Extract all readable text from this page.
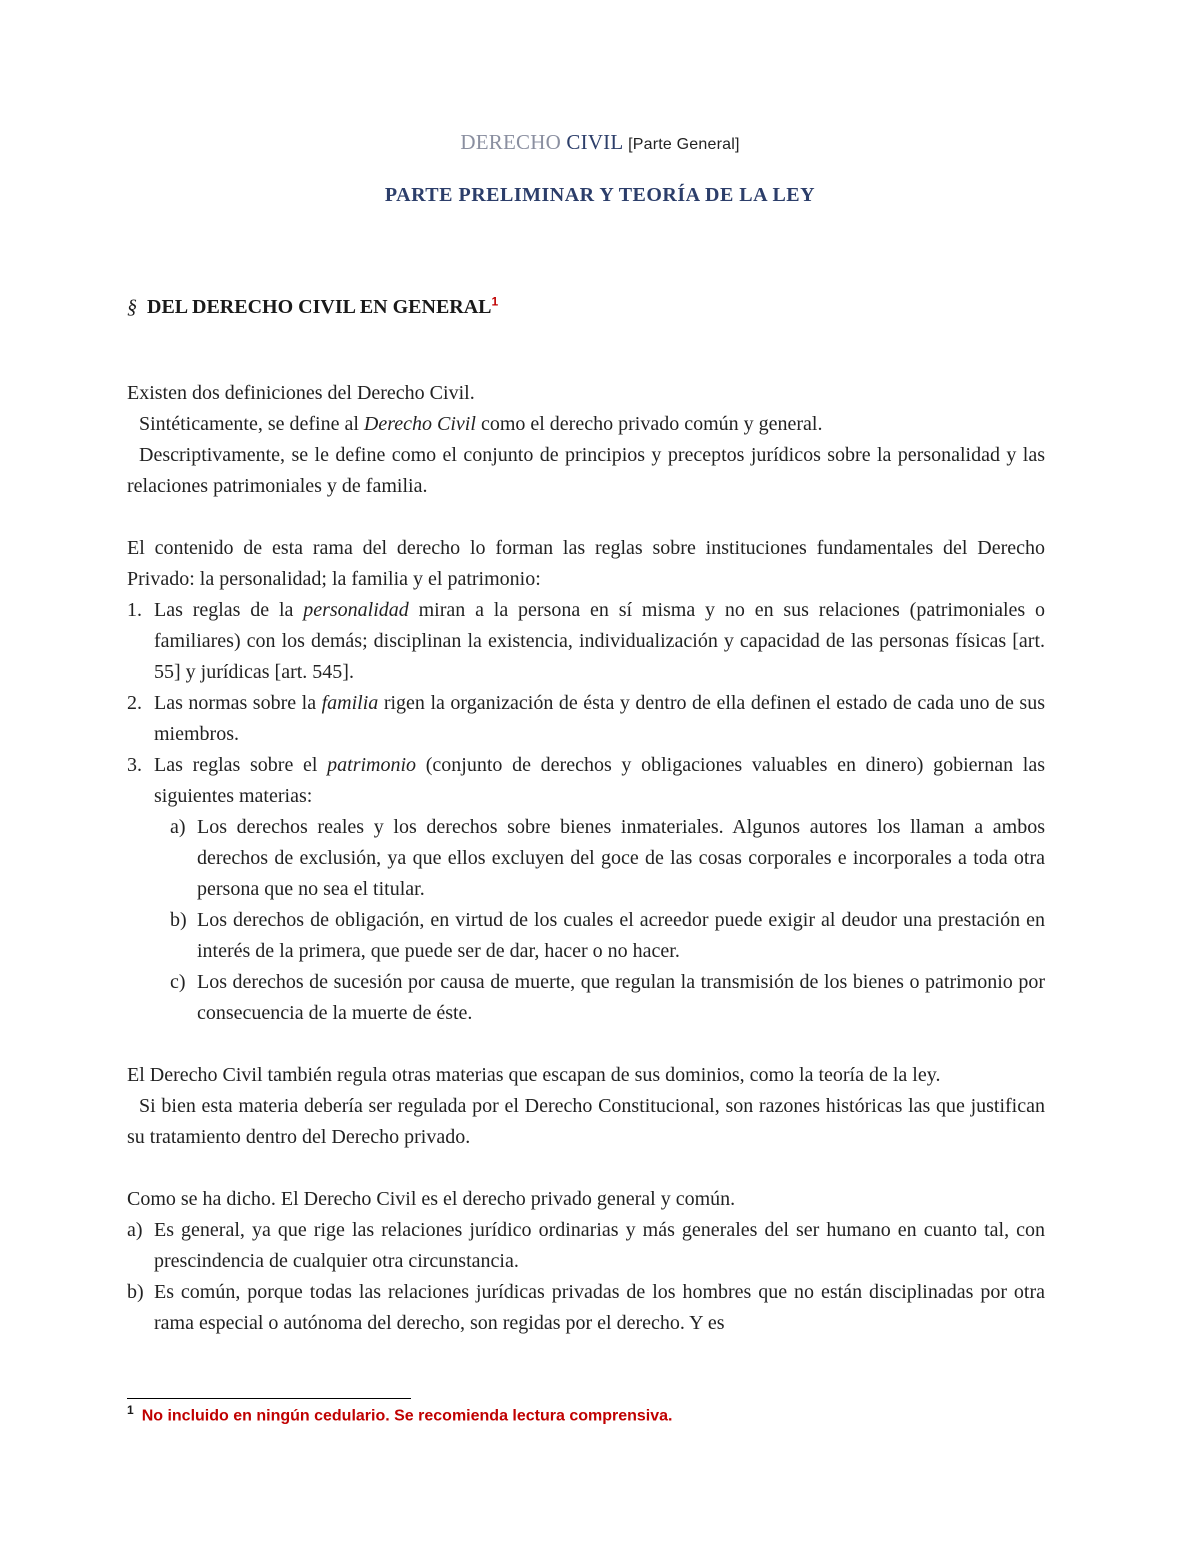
DERECHO CIVIL [Parte General]
PARTE PRELIMINAR Y TEORÍA DE LA LEY
§ DEL DERECHO CIVIL EN GENERAL$^1$

Existen dos definiciones del Derecho Civil.

Sintéticamente, se define al Derecho Civil como el derecho privado común y general.

Descriptivamente, se le define como el conjunto de principios y preceptos jurídicos sobre la personalidad y las relaciones patrimoniales y de familia.

El contenido de esta rama del derecho lo forman las reglas sobre instituciones fundamentales del Derecho Privado: la personalidad; la familia y el patrimonio:

1. Las reglas de la personalidad miran a la persona en sí misma y no en sus relaciones (patrimoniales o familiares) con los demás; disciplinan la existencia, individualización y capacidad de las personas físicas [art. 55] y jurídicas [art. 545].
2. Las normas sobre la familia rigen la organización de ésta y dentro de ella definen el estado de cada uno de sus miembros.
3. Las reglas sobre el patrimonio (conjunto de derechos y obligaciones valuables en dinero) gobiernan las siguientes materias:
a) Los derechos reales y los derechos sobre bienes inmateriales. Algunos autores los llaman a ambos derechos de exclusión, ya que ellos excluyen del goce de las cosas corporales e incorporales a toda otra persona que no sea el titular.
b) Los derechos de obligación, en virtud de los cuales el acreedor puede exigir al deudor una prestación en interés de la primera, que puede ser de dar, hacer o no hacer.
c) Los derechos de sucesión por causa de muerte, que regulan la transmisión de los bienes o patrimonio por consecuencia de la muerte de éste.

El Derecho Civil también regula otras materias que escapan de sus dominios, como la teoría de la ley.

Si bien esta materia debería ser regulada por el Derecho Constitucional, son razones históricas las que justifican su tratamiento dentro del Derecho privado.

Como se ha dicho. El Derecho Civil es el derecho privado general y común.

a) Es general, ya que rige las relaciones jurídico ordinarias y más generales del ser humano en cuanto tal, con prescindencia de cualquier otra circunstancia.
b) Es común, porque todas las relaciones jurídicas privadas de los hombres que no están disciplinadas por otra rama especial o autónoma del derecho, son regidas por el derecho. Y es
$^1$ No incluido en ningún cedulario. Se recomienda lectura comprensiva.
